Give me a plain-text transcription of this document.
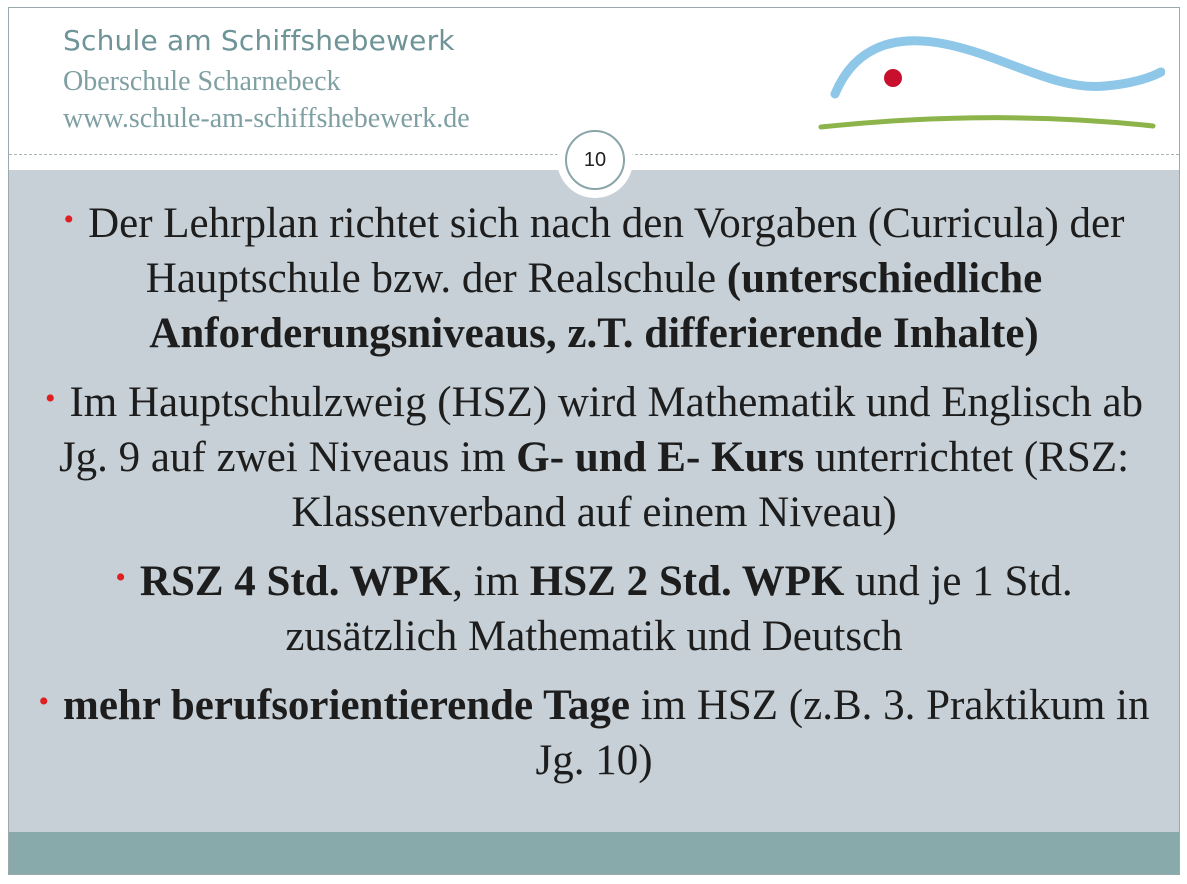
Schule am Schiffshebewerk
Oberschule Scharnebeck
www.schule-am-schiffshebewerk.de
10
• Der Lehrplan richtet sich nach den Vorgaben (Curricula) der Hauptschule bzw. der Realschule (unterschiedliche Anforderungsniveaus, z.T. differierende Inhalte)
• Im Hauptschulzweig (HSZ) wird Mathematik und Englisch ab Jg. 9 auf zwei Niveaus im G- und E- Kurs unterrichtet (RSZ: Klassenverband auf einem Niveau)
• RSZ 4 Std. WPK, im HSZ 2 Std. WPK und je 1 Std. zusätzlich Mathematik und Deutsch
• mehr berufsorientierende Tage im HSZ (z.B. 3. Praktikum in Jg. 10)
